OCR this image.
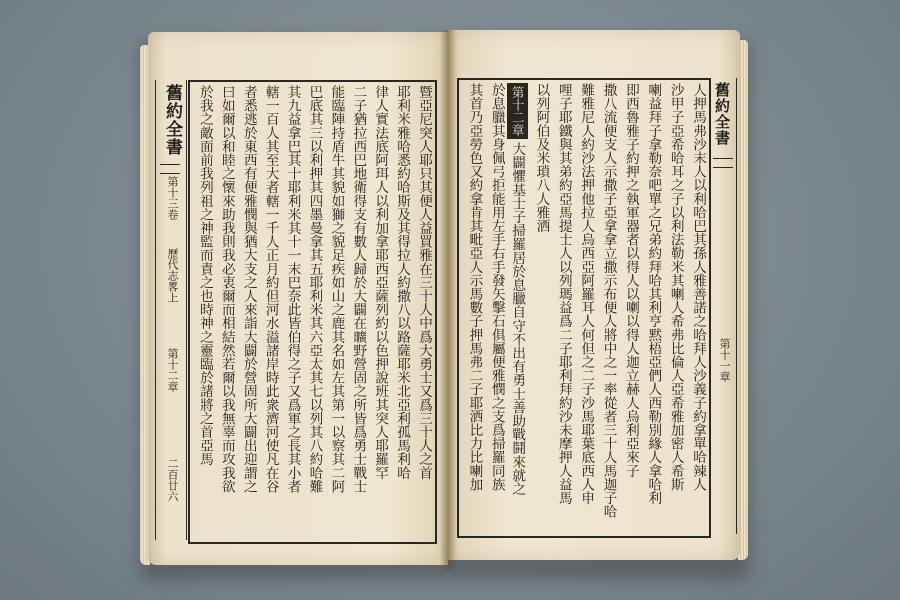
舊約全書
第十三卷
歷代志畧上
第十二章
二百廿六
暨亞尼突人耶只其便人益買雅在三十人中爲大勇士又爲三十人之首
耶利米雅哈悉約哈斯及其得拉人約撒八以路薩耶米北亞利孤馬利哈
律人實法底阿珥人以利加拿耶西亞薩列約以色押說班其突人耶羅罕
二子猶拉西巴地衛得支有數人歸於大闢在曠野營固之所皆爲勇士戰士
能臨陣持盾牛其貌如獅之貌足疾如山之鹿其名如左其第一以察其二阿
巴底其三以利押其四墨曼拿其五耶利米其六亞太其七以列其八約哈難
其九益拿巴其十耶利米其十一末巴奈此皆伯得之子又爲軍之長其小者
轄一百人其至大者轄一千人正月約但河水溢諸岸時此衆濟河使凡在谷
者悉逃於東西有便雅憫與猶大支之人來詣大闢於營固所大闢出迎謂之
曰如爾以和睦之懷來助我則我必衷爾而相結然若爾以我無辜而攻我欲
於我之敵面前我列祖之神監而責之也時神之靈臨於諸將之首亞馬	人押馬弗沙末人以利哈巴其孫人雅善諾之哈拜人沙義子約拿單哈辣人
沙甲子亞希哈耳之子以利法勒米其喇人希弗比倫人亞希雅加密人希斯
喇益拜子拿勒奈吧單之兄弟約拜哈其利亨黙梧亞們人西勒別緣人拿哈利
即西魯雅子約押之執軍器者以得人以喇以得人迦立赫人烏利亞來子
撒八流便支人示撒子亞拿拿立撒示布便人將中之一率從者三十人馬迦子哈
難雅尼人約沙法押他拉人烏西亞阿羅耳人何但之二子沙馬耶葉底西人申
哩子耶鐵與其弟約亞馬提士人以列瑪益爲二子耶利拜約沙未摩押人益馬
以列阿伯及米瑣八人雅洒
第十二章大闢懼基士子掃羅居於息臘自守不出有勇士善助戰鬪來就之
於息臘其身佩弓拒能用左手右手發矢擊石俱屬便雅憫之支爲掃羅同族
其首乃亞勞色又約拿肯其毗亞人示馬數子押馬弗二子耶洒比力比喇加	舊約全書
第十一章
